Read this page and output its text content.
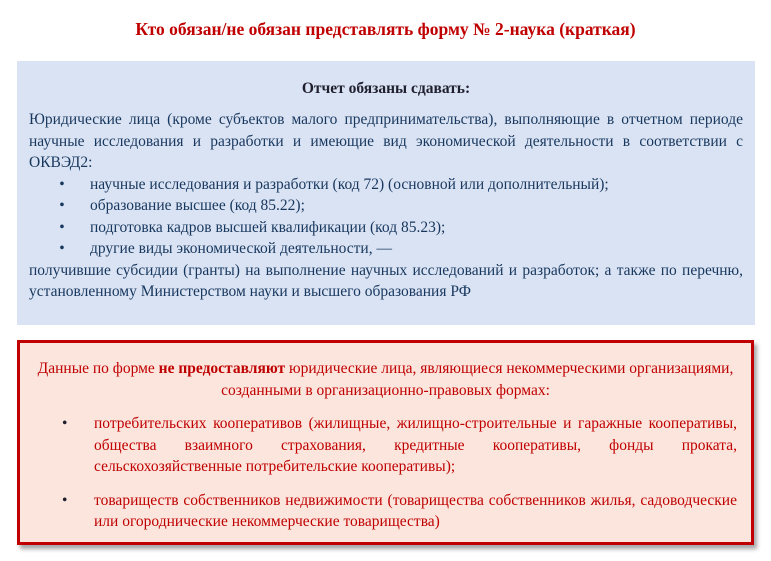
Кто обязан/не обязан представлять форму № 2-наука (краткая)
Отчет обязаны сдавать:
Юридические лица (кроме субъектов малого предпринимательства), выполняющие в отчетном периоде научные исследования и разработки и имеющие вид экономической деятельности в соответствии с ОКВЭД2:
• научные исследования и разработки (код 72) (основной или дополнительный);
• образование высшее (код 85.22);
• подготовка кадров высшей квалификации (код 85.23);
• другие виды экономической деятельности, —
получившие субсидии (гранты) на выполнение научных исследований и разработок; а также по перечню, установленному Министерством науки и высшего образования РФ
Данные по форме не предоставляют юридические лица, являющиеся некоммерческими организациями, созданными в организационно-правовых формах:
• потребительских кооперативов (жилищные, жилищно-строительные и гаражные кооперативы, общества взаимного страхования, кредитные кооперативы, фонды проката, сельскохозяйственные потребительские кооперативы);
• товариществ собственников недвижимости (товарищества собственников жилья, садоводческие или огороднические некоммерческие товарищества)
